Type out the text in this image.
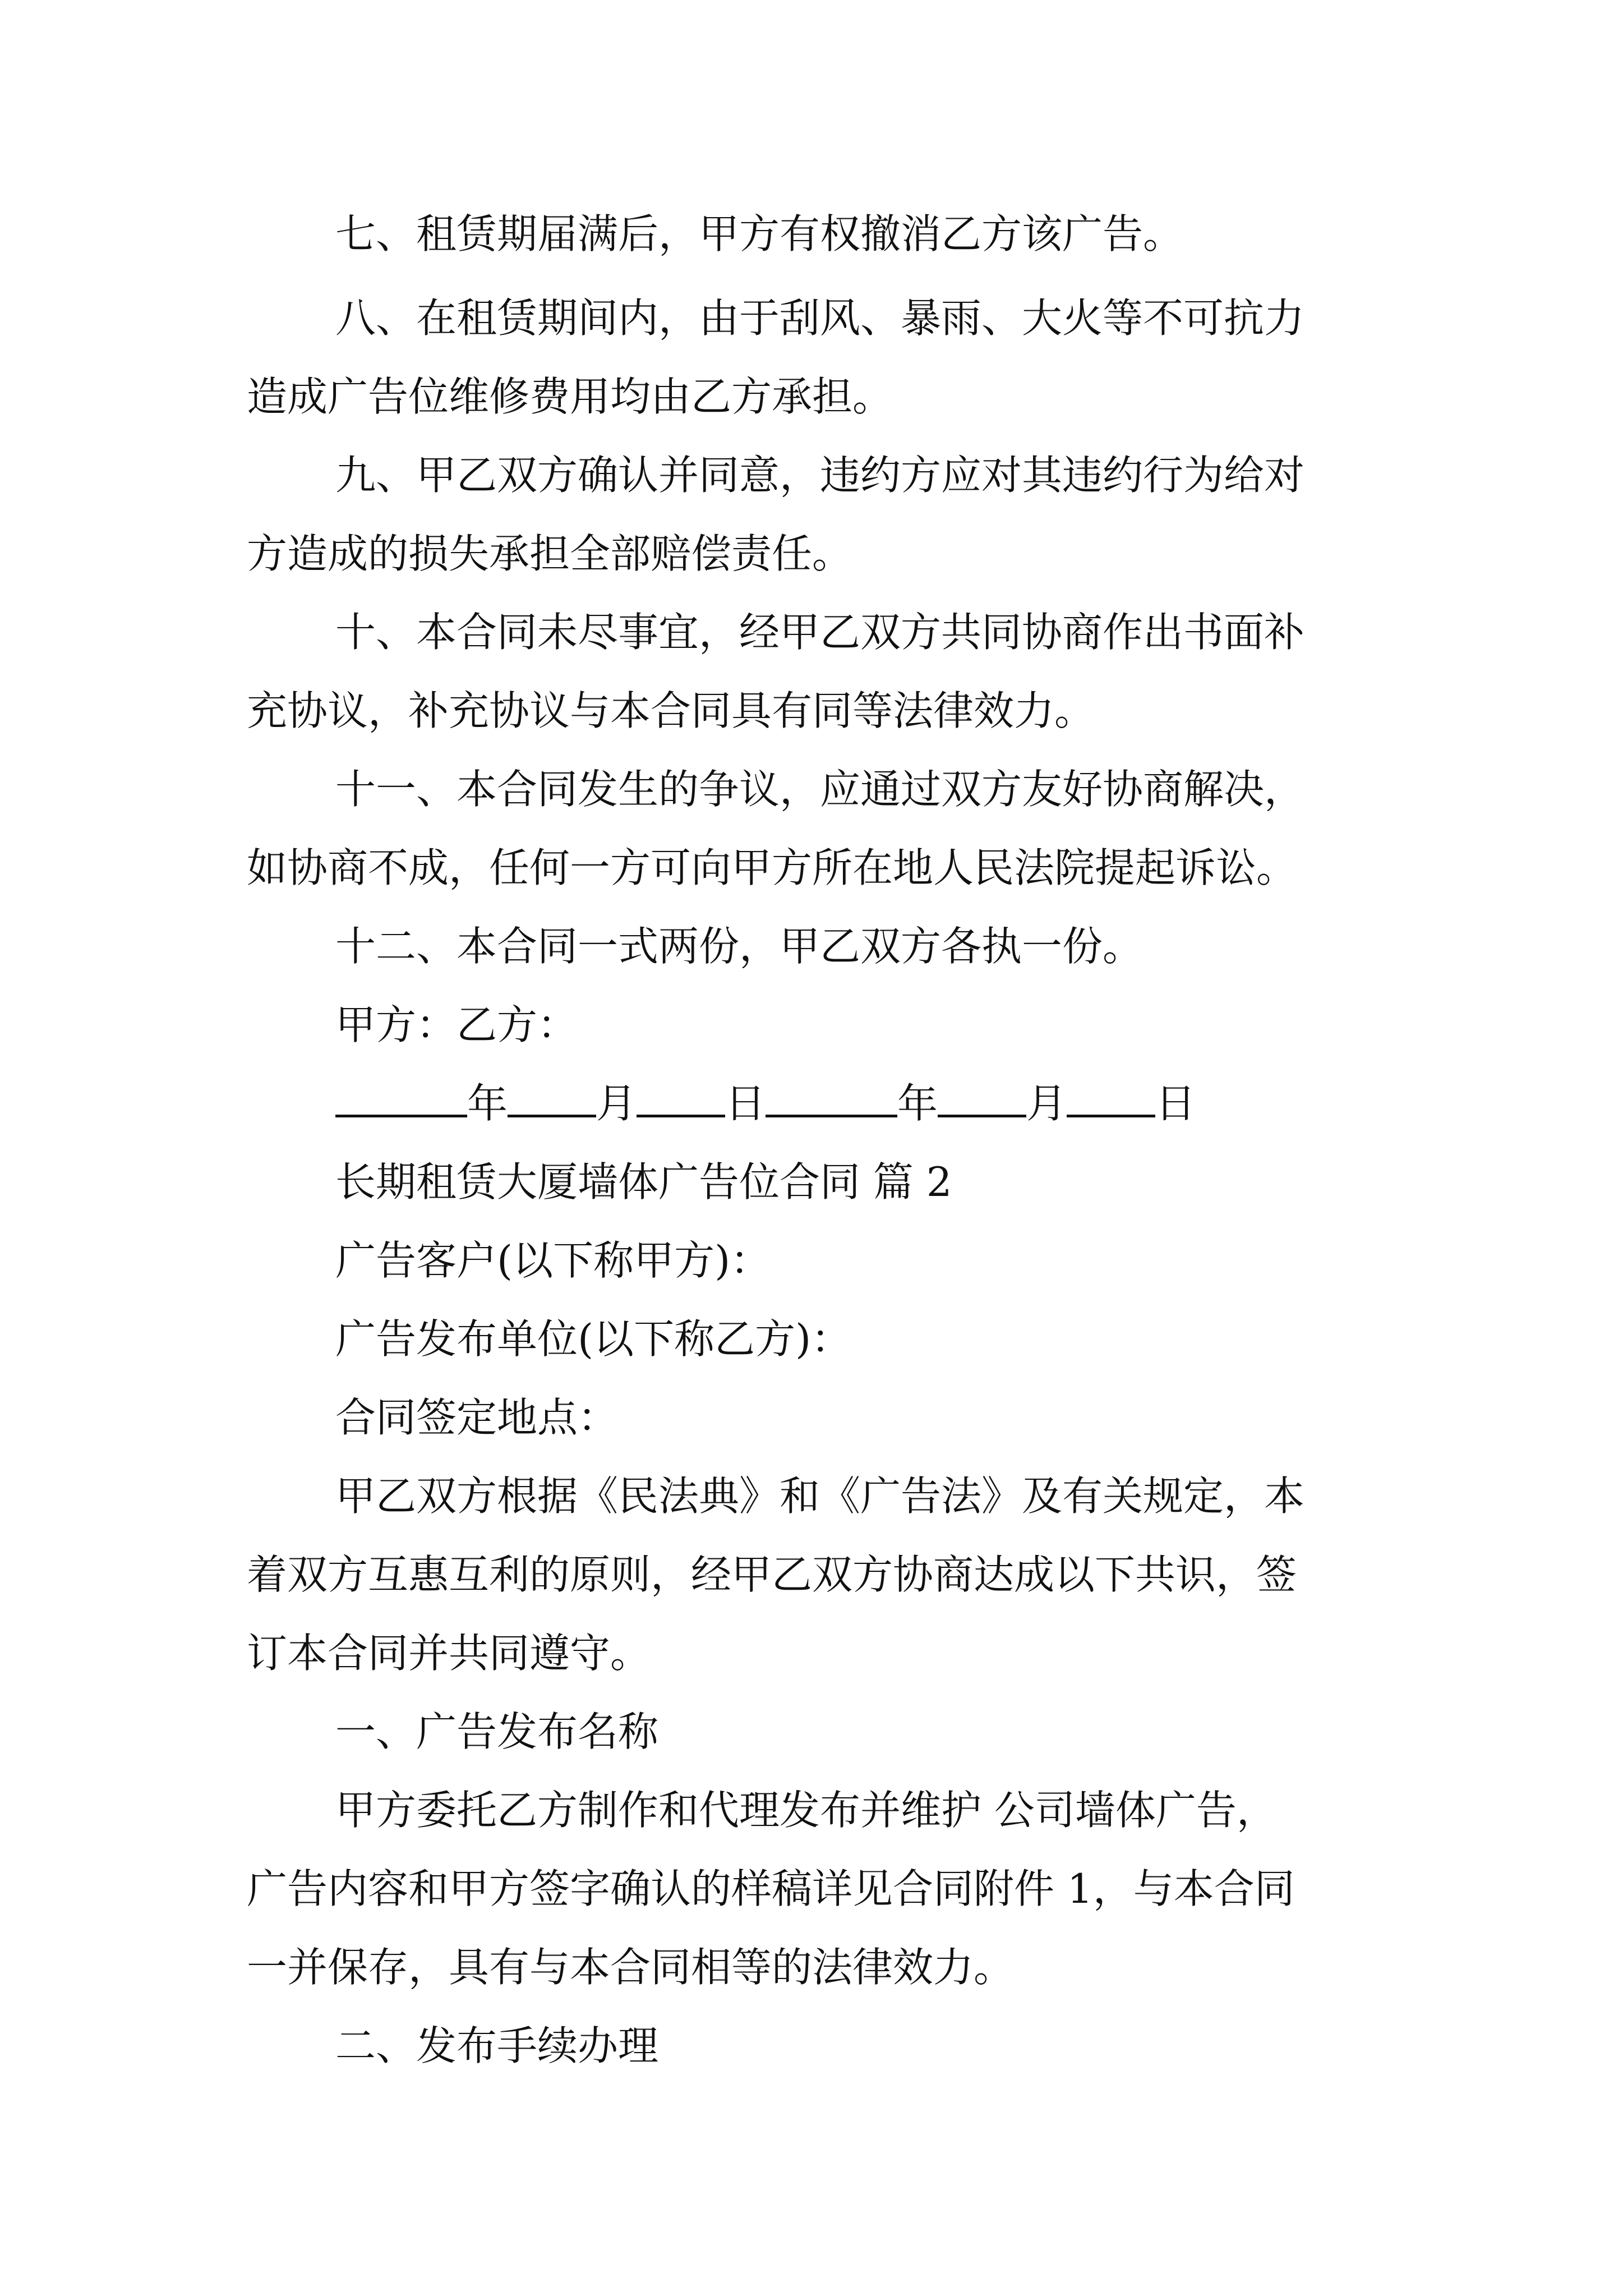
七、租赁期届满后，甲方有权撤消乙方该广告。
八、在租赁期间内，由于刮风、暴雨、大火等不可抗力
造成广告位维修费用均由乙方承担。
九、甲乙双方确认并同意，违约方应对其违约行为给对
方造成的损失承担全部赔偿责任。
十、本合同未尽事宜，经甲乙双方共同协商作出书面补
充协议，补充协议与本合同具有同等法律效力。
十一、本合同发生的争议，应通过双方友好协商解决，
如协商不成，任何一方可向甲方所在地人民法院提起诉讼。
十二、本合同一式两份，甲乙双方各执一份。
甲方：乙方：
年 月 日	年 月 日
长期租赁大厦墙体广告位合同 篇 2
广告客户(以下称甲方)：
广告发布单位(以下称乙方)：
合同签定地点：
甲乙双方根据《民法典》和《广告法》及有关规定，本
着双方互惠互利的原则，经甲乙双方协商达成以下共识，签
订本合同并共同遵守。
一、广告发布名称
甲方委托乙方制作和代理发布并维护 公司墙体广告，
广告内容和甲方签字确认的样稿详见合同附件 1，与本合同
一并保存，具有与本合同相等的法律效力。
二、发布手续办理
